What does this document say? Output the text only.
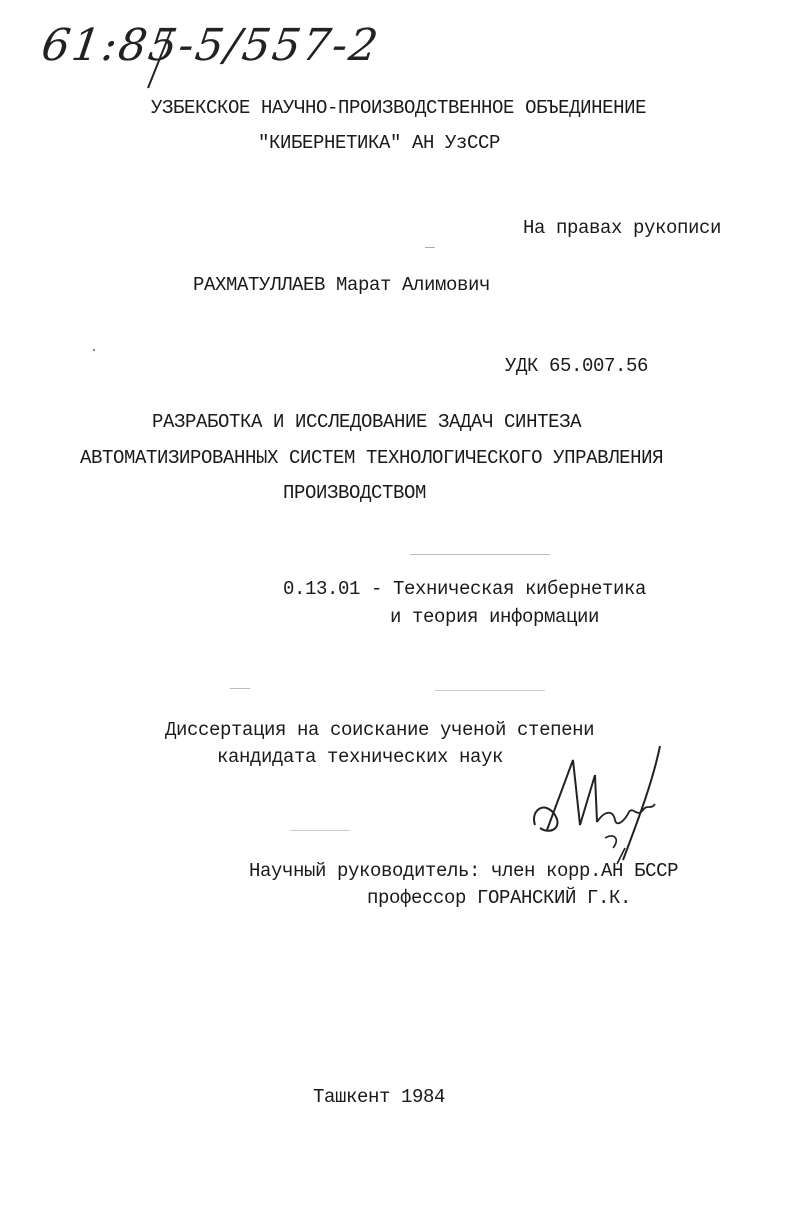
61:85-5/557-2
УЗБЕКСКОЕ НАУЧНО-ПРОИЗВОДСТВЕННОЕ ОБЪЕДИНЕНИЕ
"КИБЕРНЕТИКА" АН УзССР
На правах рукописи
РАХМАТУЛЛАЕВ Марат Алимович
УДК 65.007.56
РАЗРАБОТКА И ИССЛЕДОВАНИЕ ЗАДАЧ СИНТЕЗА
АВТОМАТИЗИРОВАННЫХ СИСТЕМ ТЕХНОЛОГИЧЕСКОГО УПРАВЛЕНИЯ
ПРОИЗВОДСТВОМ
0.13.01 - Техническая кибернетика
и теория информации
Диссертация на соискание ученой степени
кандидата технических наук
Научный руководитель: член корр.АН БССР
профессор ГОРАНСКИЙ Г.К.
Ташкент 1984
